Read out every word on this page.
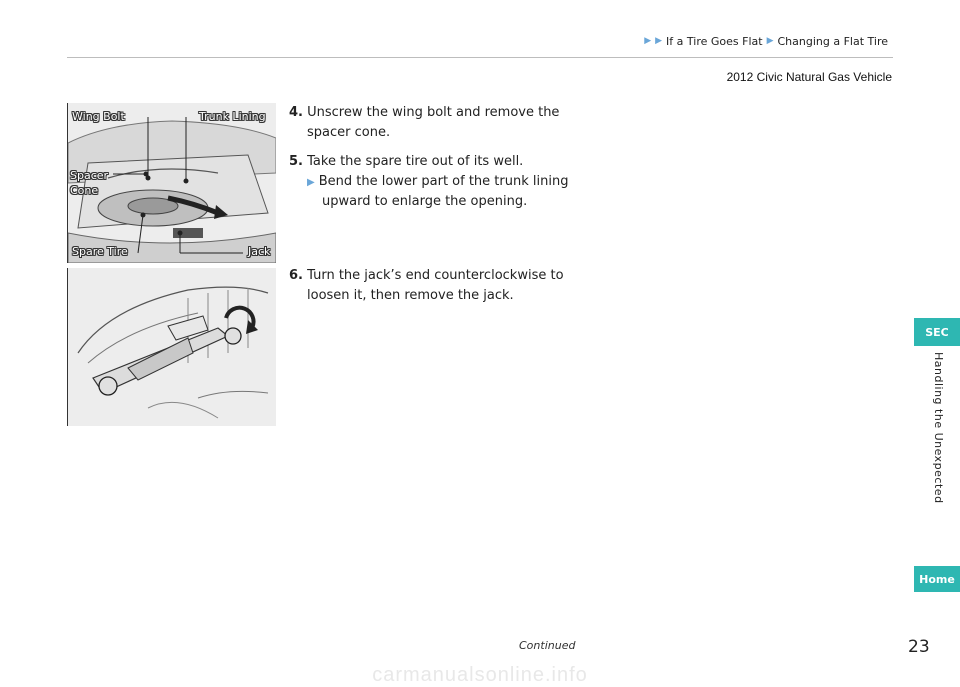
▶ ▶ If a Tire Goes Flat ▶ Changing a Flat Tire
2012 Civic Natural Gas Vehicle
Wing Bolt	Trunk Lining
Spacer
Cone
Spare Tire	Jack
4. Unscrew the wing bolt and remove the
spacer cone.
5. Take the spare tire out of its well.
▶ Bend the lower part of the trunk lining
upward to enlarge the opening.
6. Turn the jack’s end counterclockwise to
loosen it, then remove the jack.
SEC
Handling the Unexpected
Home
Continued	23
carmanualsonline.info
